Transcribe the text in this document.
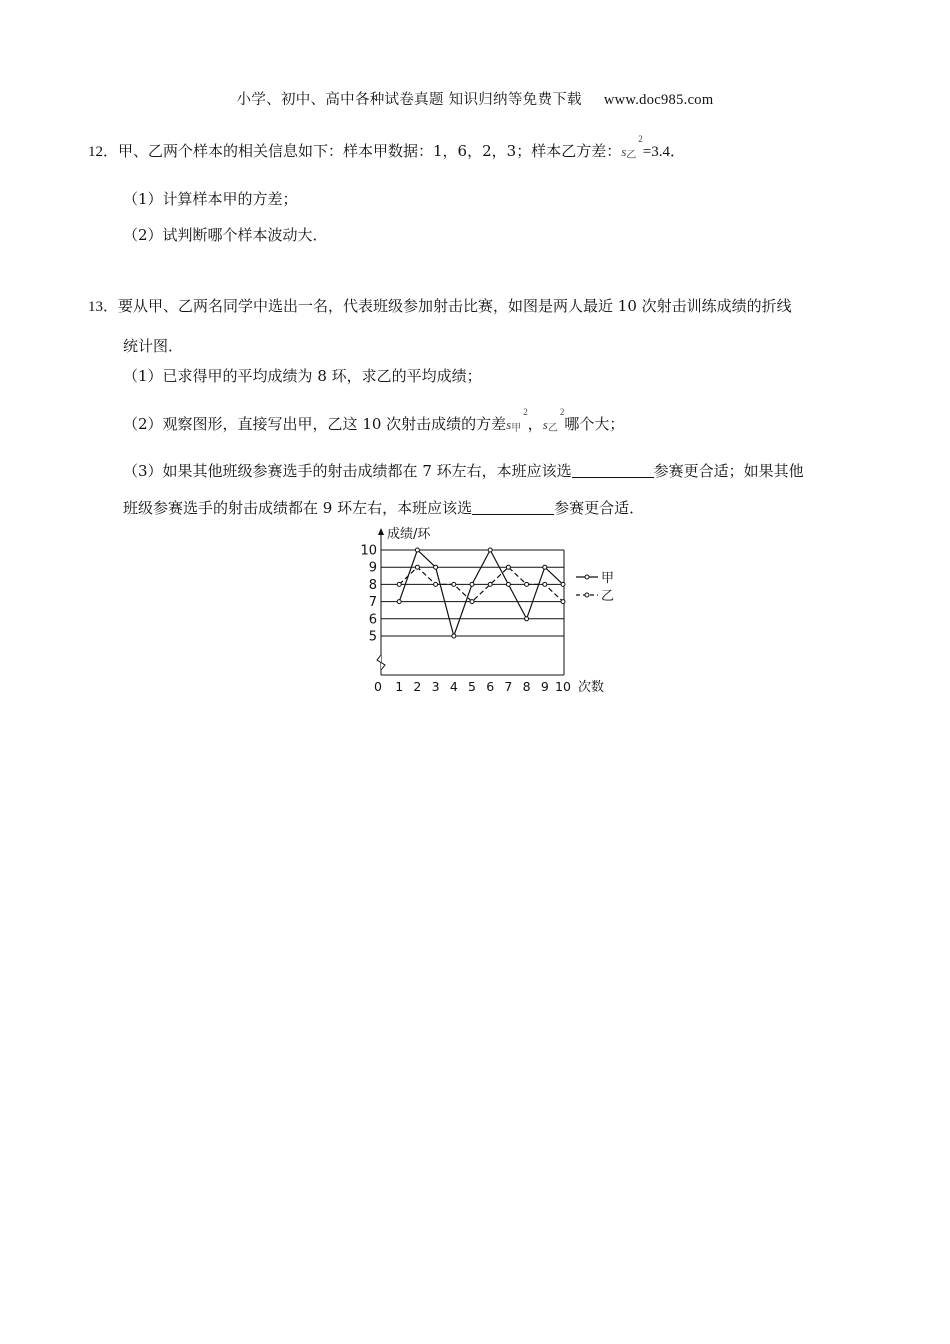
小学、初中、高中各种试卷真题 知识归纳等免费下载 www.doc985.com
12．甲、乙两个样本的相关信息如下：样本甲数据：1，6，2，3；样本乙方差：$s_乙^2=3.4$．
（1）计算样本甲的方差；
（2）试判断哪个样本波动大．
13．要从甲、乙两名同学中选出一名，代表班级参加射击比赛，如图是两人最近 10 次射击训练成绩的折线
统计图．
（1）已求得甲的平均成绩为 8 环，求乙的平均成绩；
（2）观察图形，直接写出甲，乙这 10 次射击成绩的方差$s_甲^2$，$s_乙^2$哪个大；
（3）如果其他班级参赛选手的射击成绩都在 7 环左右，本班应该选	参赛更合适；如果其他
班级参赛选手的射击成绩都在 9 环左右，本班应该选	参赛更合适．
5
6
7
8
9
10
成绩/环
0 1 2 3 4 5 6 7 8 9 10 次数
甲
乙
